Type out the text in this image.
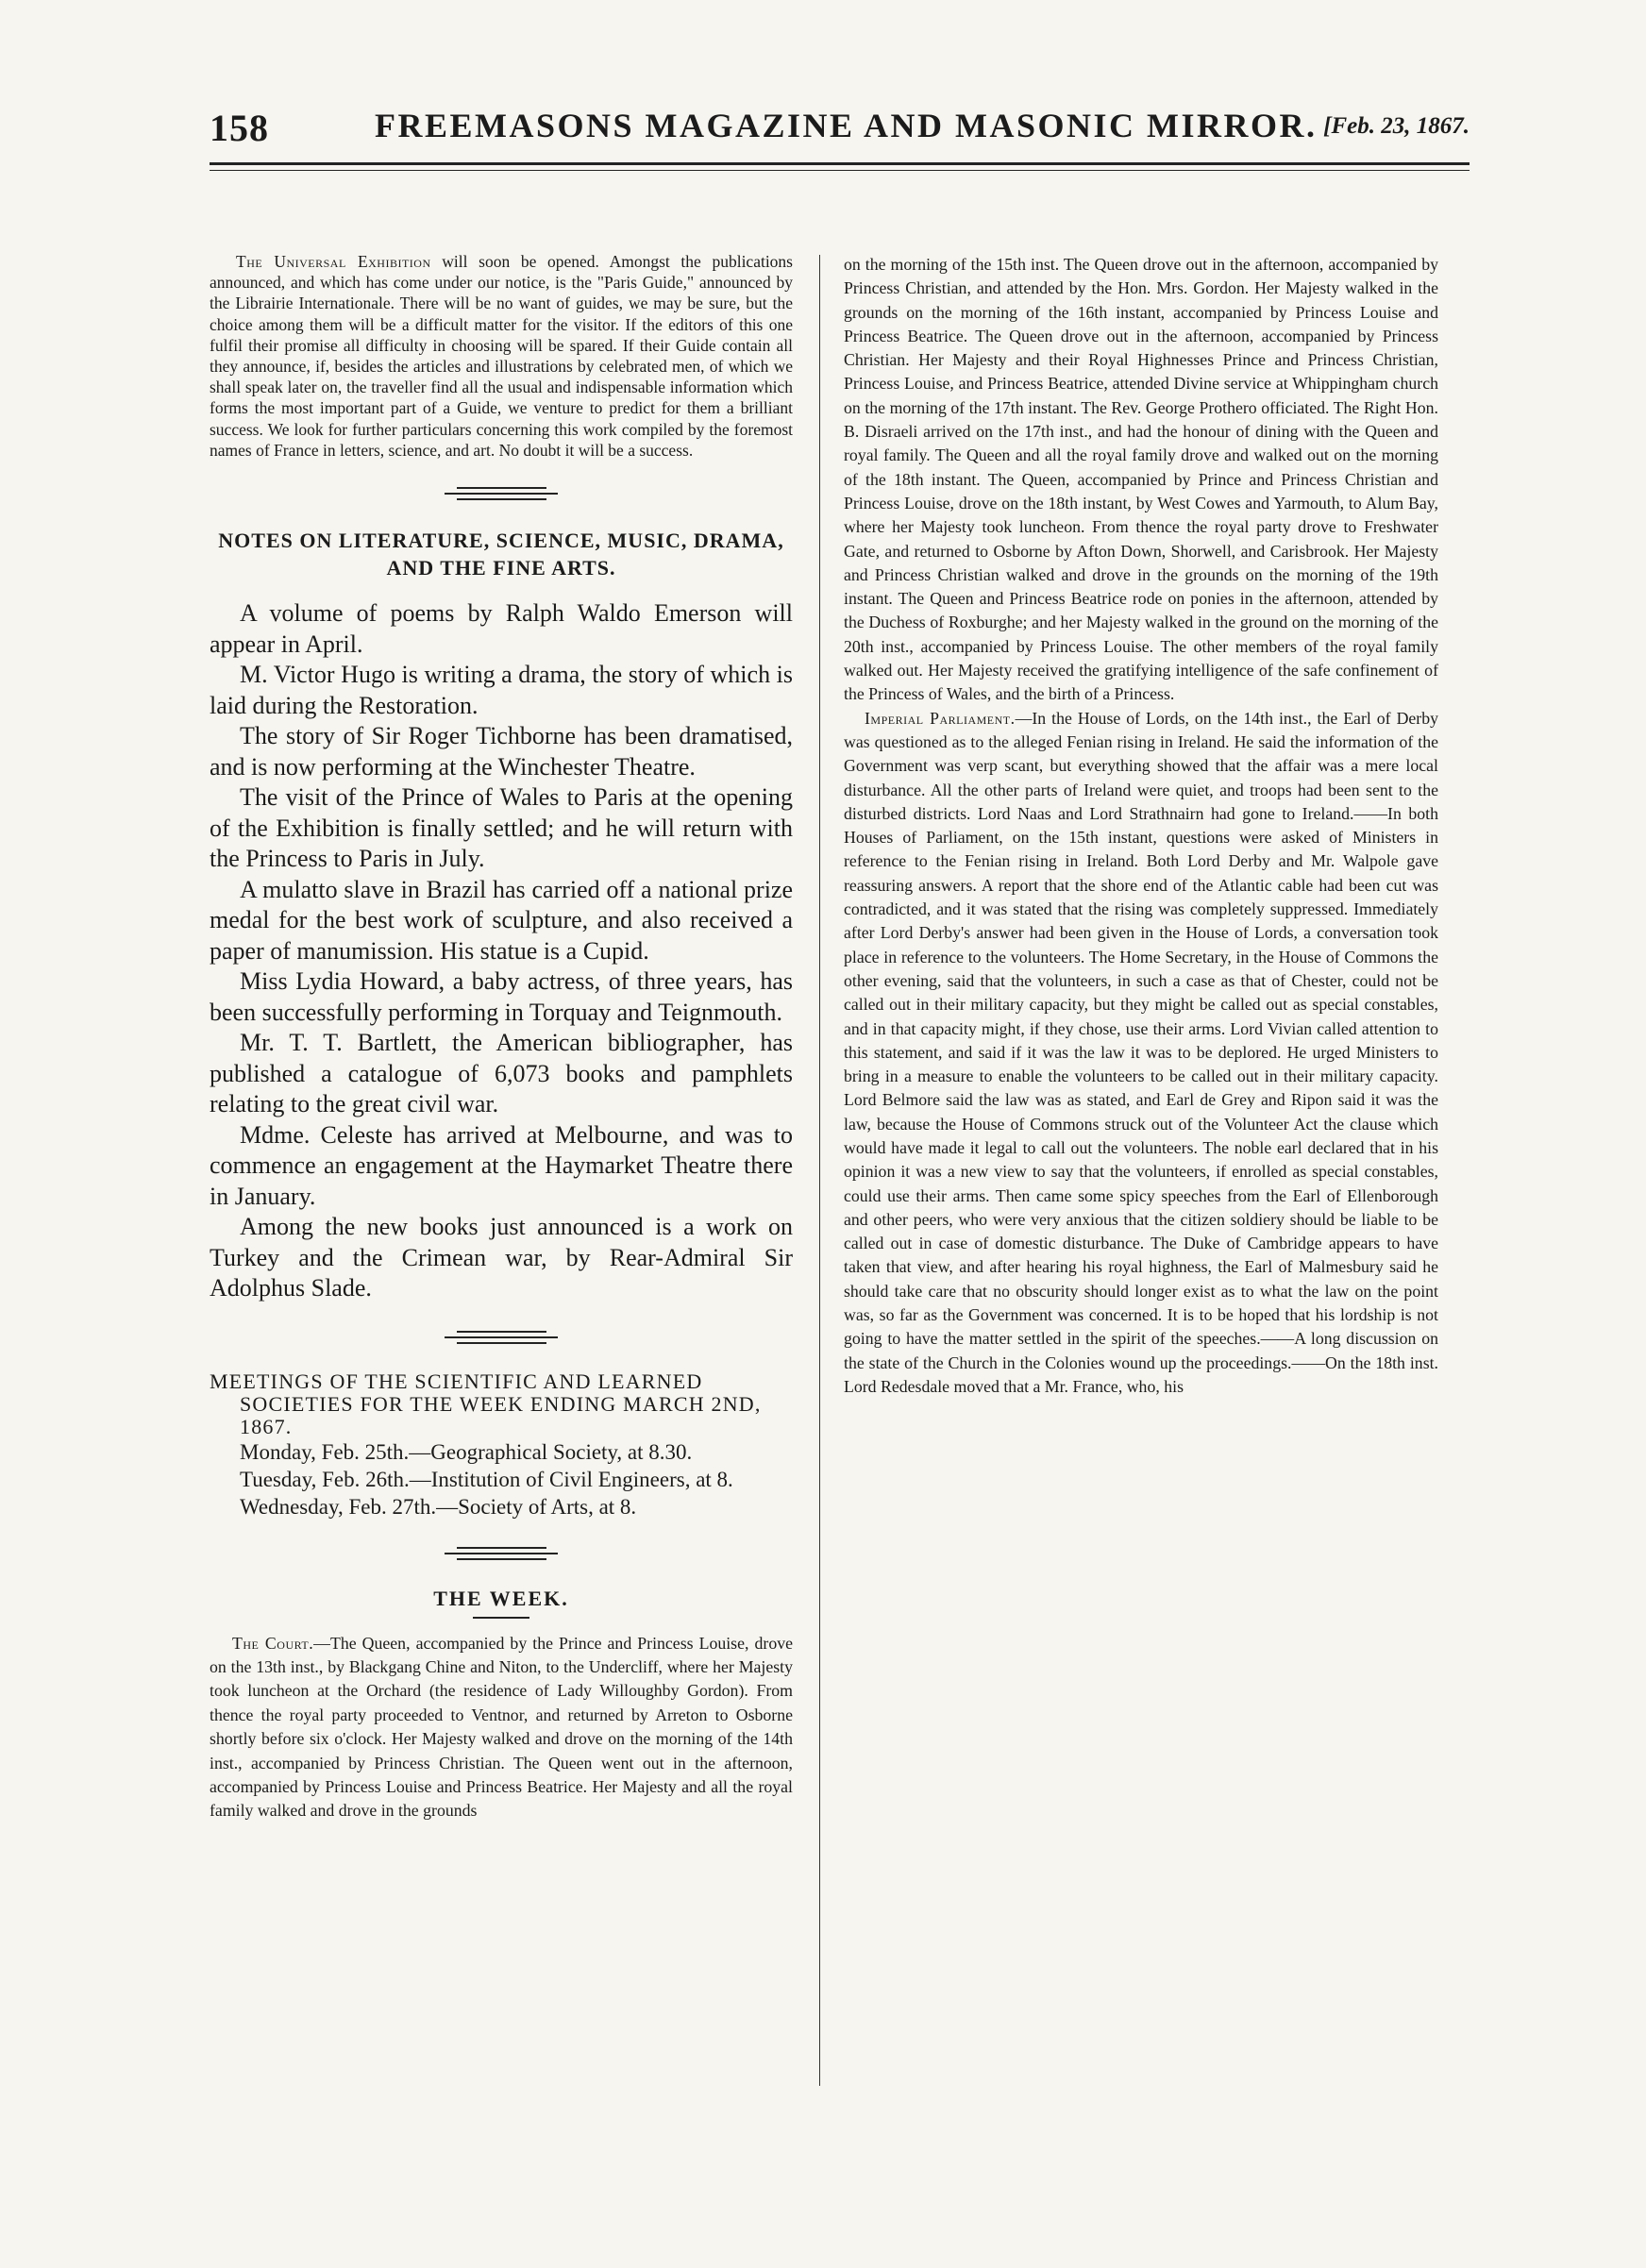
158	FREEMASONS MAGAZINE AND MASONIC MIRROR. [Feb. 23, 1867.

The Universal Exhibition will soon be opened. Amongst the publications announced, and which has come under our notice, is the "Paris Guide," announced by the Librairie Internationale. There will be no want of guides, we may be sure, but the choice among them will be a difficult matter for the visitor. If the editors of this one fulfil their promise all difficulty in choosing will be spared. If their Guide contain all they announce, if, besides the articles and illustrations by celebrated men, of which we shall speak later on, the traveller find all the usual and indispensable information which forms the most important part of a Guide, we venture to predict for them a brilliant success. We look for further particulars concerning this work compiled by the foremost names of France in letters, science, and art. No doubt it will be a success.

NOTES ON LITERATURE, SCIENCE, MUSIC, DRAMA, AND THE FINE ARTS.

A volume of poems by Ralph Waldo Emerson will appear in April.

M. Victor Hugo is writing a drama, the story of which is laid during the Restoration.

The story of Sir Roger Tichborne has been dramatised, and is now performing at the Winchester Theatre.

The visit of the Prince of Wales to Paris at the opening of the Exhibition is finally settled; and he will return with the Princess to Paris in July.

A mulatto slave in Brazil has carried off a national prize medal for the best work of sculpture, and also received a paper of manumission. His statue is a Cupid.

Miss Lydia Howard, a baby actress, of three years, has been successfully performing in Torquay and Teignmouth.

Mr. T. T. Bartlett, the American bibliographer, has published a catalogue of 6,073 books and pamphlets relating to the great civil war.

Mdme. Celeste has arrived at Melbourne, and was to commence an engagement at the Haymarket Theatre there in January.

Among the new books just announced is a work on Turkey and the Crimean war, by Rear-Admiral Sir Adolphus Slade.

MEETINGS OF THE SCIENTIFIC AND LEARNED
SOCIETIES FOR THE WEEK ENDING MARCH 2ND, 1867.

Monday, Feb. 25th.—Geographical Society, at 8.30.

Tuesday, Feb. 26th.—Institution of Civil Engineers, at 8.

Wednesday, Feb. 27th.—Society of Arts, at 8.

THE WEEK.

The Court.—The Queen, accompanied by the Prince and Princess Louise, drove on the 13th inst., by Blackgang Chine and Niton, to the Undercliff, where her Majesty took luncheon at the Orchard (the residence of Lady Willoughby Gordon). From thence the royal party proceeded to Ventnor, and returned by Arreton to Osborne shortly before six o'clock. Her Majesty walked and drove on the morning of the 14th inst., accompanied by Princess Christian. The Queen went out in the afternoon, accompanied by Princess Louise and Princess Beatrice. Her Majesty and all the royal family walked and drove in the grounds

on the morning of the 15th inst. The Queen drove out in the afternoon, accompanied by Princess Christian, and attended by the Hon. Mrs. Gordon. Her Majesty walked in the grounds on the morning of the 16th instant, accompanied by Princess Louise and Princess Beatrice. The Queen drove out in the afternoon, accompanied by Princess Christian. Her Majesty and their Royal Highnesses Prince and Princess Christian, Princess Louise, and Princess Beatrice, attended Divine service at Whippingham church on the morning of the 17th instant. The Rev. George Prothero officiated. The Right Hon. B. Disraeli arrived on the 17th inst., and had the honour of dining with the Queen and royal family. The Queen and all the royal family drove and walked out on the morning of the 18th instant. The Queen, accompanied by Prince and Princess Christian and Princess Louise, drove on the 18th instant, by West Cowes and Yarmouth, to Alum Bay, where her Majesty took luncheon. From thence the royal party drove to Freshwater Gate, and returned to Osborne by Afton Down, Shorwell, and Carisbrook. Her Majesty and Princess Christian walked and drove in the grounds on the morning of the 19th instant. The Queen and Princess Beatrice rode on ponies in the afternoon, attended by the Duchess of Roxburghe; and her Majesty walked in the ground on the morning of the 20th inst., accompanied by Princess Louise. The other members of the royal family walked out. Her Majesty received the gratifying intelligence of the safe confinement of the Princess of Wales, and the birth of a Princess.

Imperial Parliament.—In the House of Lords, on the 14th inst., the Earl of Derby was questioned as to the alleged Fenian rising in Ireland. He said the information of the Government was verp scant, but everything showed that the affair was a mere local disturbance. All the other parts of Ireland were quiet, and troops had been sent to the disturbed districts. Lord Naas and Lord Strathnairn had gone to Ireland.——In both Houses of Parliament, on the 15th instant, questions were asked of Ministers in reference to the Fenian rising in Ireland. Both Lord Derby and Mr. Walpole gave reassuring answers. A report that the shore end of the Atlantic cable had been cut was contradicted, and it was stated that the rising was completely suppressed. Immediately after Lord Derby's answer had been given in the House of Lords, a conversation took place in reference to the volunteers. The Home Secretary, in the House of Commons the other evening, said that the volunteers, in such a case as that of Chester, could not be called out in their military capacity, but they might be called out as special constables, and in that capacity might, if they chose, use their arms. Lord Vivian called attention to this statement, and said if it was the law it was to be deplored. He urged Ministers to bring in a measure to enable the volunteers to be called out in their military capacity. Lord Belmore said the law was as stated, and Earl de Grey and Ripon said it was the law, because the House of Commons struck out of the Volunteer Act the clause which would have made it legal to call out the volunteers. The noble earl declared that in his opinion it was a new view to say that the volunteers, if enrolled as special constables, could use their arms. Then came some spicy speeches from the Earl of Ellenborough and other peers, who were very anxious that the citizen soldiery should be liable to be called out in case of domestic disturbance. The Duke of Cambridge appears to have taken that view, and after hearing his royal highness, the Earl of Malmesbury said he should take care that no obscurity should longer exist as to what the law on the point was, so far as the Government was concerned. It is to be hoped that his lordship is not going to have the matter settled in the spirit of the speeches.——A long discussion on the state of the Church in the Colonies wound up the proceedings.——On the 18th inst. Lord Redesdale moved that a Mr. France, who, his
